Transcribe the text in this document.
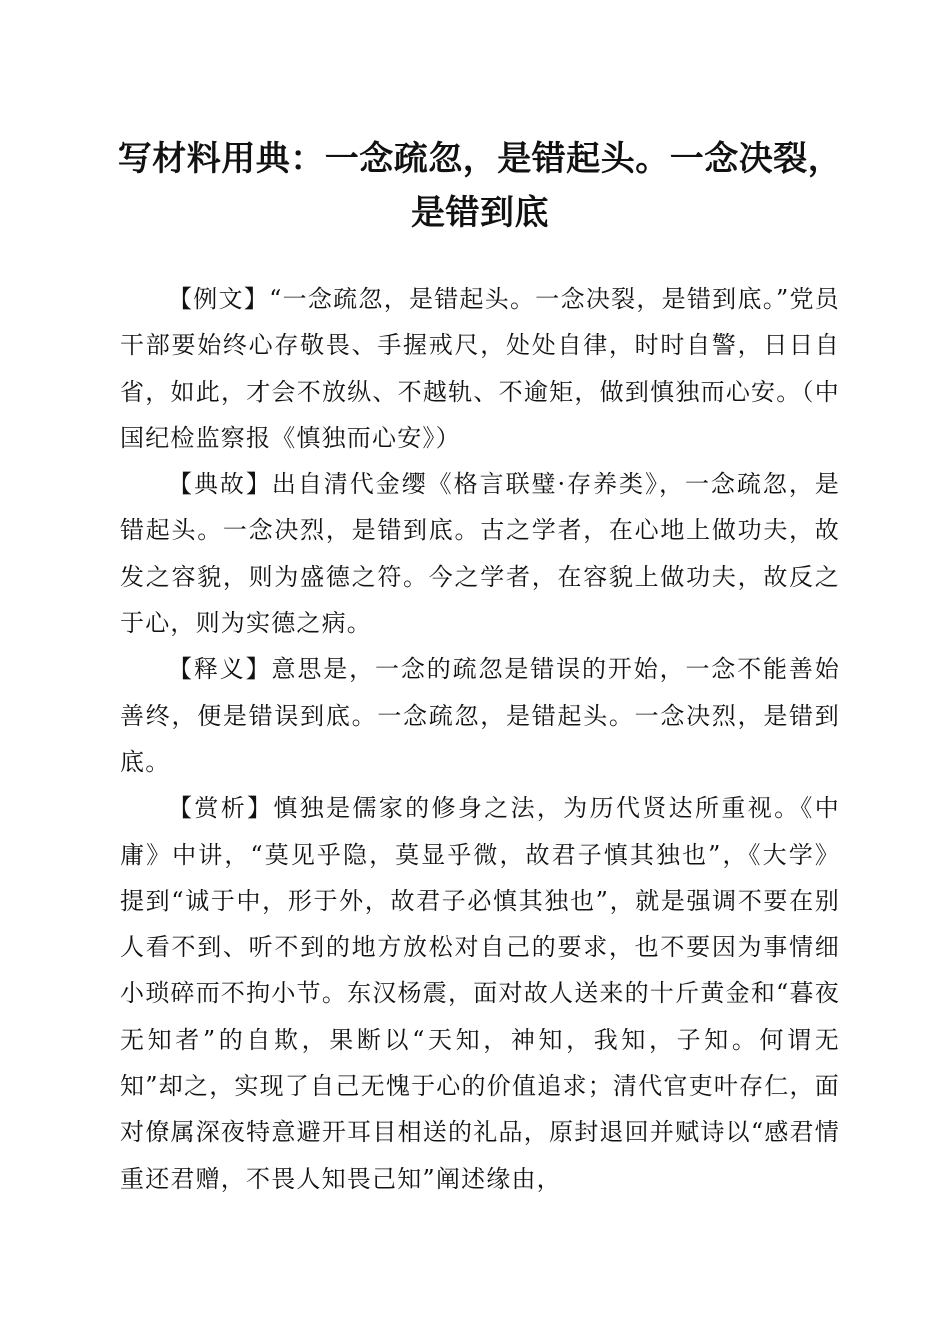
写材料用典：一念疏忽，是错起头。一念决裂，
是错到底

【例文】“一念疏忽，是错起头。一念决裂，是错到底。”党员干部要始终心存敬畏、手握戒尺，处处自律，时时自警，日日自省，如此，才会不放纵、不越轨、不逾矩，做到慎独而心安。（中国纪检监察报《慎独而心安》）

【典故】出自清代金缨《格言联璧·存养类》，一念疏忽，是错起头。一念决烈，是错到底。古之学者，在心地上做功夫，故发之容貌，则为盛德之符。今之学者，在容貌上做功夫，故反之于心，则为实德之病。

【释义】意思是，一念的疏忽是错误的开始，一念不能善始善终，便是错误到底。一念疏忽，是错起头。一念决烈，是错到底。

【赏析】慎独是儒家的修身之法，为历代贤达所重视。《中庸》中讲，“莫见乎隐，莫显乎微，故君子慎其独也”，《大学》提到“诚于中，形于外，故君子必慎其独也”，就是强调不要在别人看不到、听不到的地方放松对自己的要求，也不要因为事情细小琐碎而不拘小节。东汉杨震，面对故人送来的十斤黄金和“暮夜无知者”的自欺，果断以“天知，神知，我知，子知。何谓无知”却之，实现了自己无愧于心的价值追求；清代官吏叶存仁，面对僚属深夜特意避开耳目相送的礼品，原封退回并赋诗以“感君情重还君赠，不畏人知畏己知”阐述缘由，
